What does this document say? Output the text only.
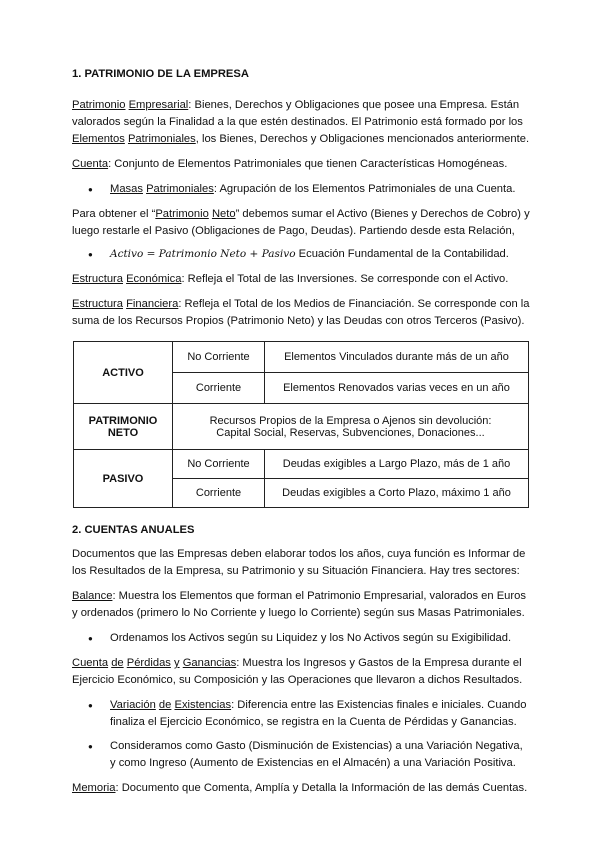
1. PATRIMONIO DE LA EMPRESA

Patrimonio Empresarial: Bienes, Derechos y Obligaciones que posee una Empresa. Están valorados según la Finalidad a la que estén destinados. El Patrimonio está formado por los Elementos Patrimoniales, los Bienes, Derechos y Obligaciones mencionados anteriormente.

Cuenta: Conjunto de Elementos Patrimoniales que tienen Características Homogéneas.

● Masas Patrimoniales: Agrupación de los Elementos Patrimoniales de una Cuenta.

Para obtener el “Patrimonio Neto” debemos sumar el Activo (Bienes y Derechos de Cobro) y luego restarle el Pasivo (Obligaciones de Pago, Deudas). Partiendo desde esta Relación,

● Activo = Patrimonio Neto + Pasivo Ecuación Fundamental de la Contabilidad.

Estructura Económica: Refleja el Total de las Inversiones. Se corresponde con el Activo.

Estructura Financiera: Refleja el Total de los Medios de Financiación. Se corresponde con la suma de los Recursos Propios (Patrimonio Neto) y las Deudas con otros Terceros (Pasivo).

ACTIVO	No Corriente	Elementos Vinculados durante más de un año
	Corriente	Elementos Renovados varias veces en un año
PATRIMONIO
NETO	Recursos Propios de la Empresa o Ajenos sin devolución:
Capital Social, Reservas, Subvenciones, Donaciones...	
PASIVO	No Corriente	Deudas exigibles a Largo Plazo, más de 1 año
	Corriente	Deudas exigibles a Corto Plazo, máximo 1 año

2. CUENTAS ANUALES

Documentos que las Empresas deben elaborar todos los años, cuya función es Informar de los Resultados de la Empresa, su Patrimonio y su Situación Financiera. Hay tres sectores:

Balance: Muestra los Elementos que forman el Patrimonio Empresarial, valorados en Euros y ordenados (primero lo No Corriente y luego lo Corriente) según sus Masas Patrimoniales.

● Ordenamos los Activos según su Liquidez y los No Activos según su Exigibilidad.

Cuenta de Pérdidas y Ganancias: Muestra los Ingresos y Gastos de la Empresa durante el Ejercicio Económico, su Composición y las Operaciones que llevaron a dichos Resultados.

● Variación de Existencias: Diferencia entre las Existencias finales e iniciales. Cuando finaliza el Ejercicio Económico, se registra en la Cuenta de Pérdidas y Ganancias.
● Consideramos como Gasto (Disminución de Existencias) a una Variación Negativa, y como Ingreso (Aumento de Existencias en el Almacén) a una Variación Positiva.

Memoria: Documento que Comenta, Amplía y Detalla la Información de las demás Cuentas.
